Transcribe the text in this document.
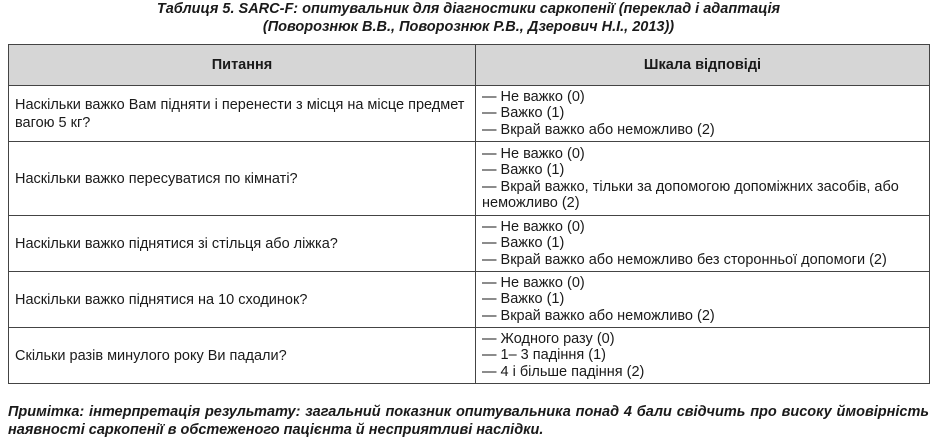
Таблиця 5. SARC-F: опитувальник для діагностики саркопенії (переклад і адаптація
(Поворознюк В.В., Поворознюк Р.В., Дзерович Н.І., 2013))
Питання	Шкала відповіді
Наскільки важко Вам підняти і перенести з місця на місце предмет вагою 5 кг?	— Не важко (0)
— Важко (1)
— Вкрай важко або неможливо (2)

Наскільки важко пересуватися по кімнаті?	— Не важко (0)
— Важко (1)
— Вкрай важко, тільки за допомогою допоміжних засобів, або неможливо (2)

Наскільки важко піднятися зі стільця або ліжка?	— Не важко (0)
— Важко (1)
— Вкрай важко або неможливо без сторонньої допомоги (2)

Наскільки важко піднятися на 10 сходинок?	— Не важко (0)
— Важко (1)
— Вкрай важко або неможливо (2)

Скільки разів минулого року Ви падали?	— Жодного разу (0)
— 1– 3 падіння (1)
— 4 і більше падіння (2)
Примітка: інтерпретація результату: загальний показник опитувальника понад 4 бали свідчить про високу ймовірність наявності саркопенії в обстеженого пацієнта й несприятливі наслідки.
